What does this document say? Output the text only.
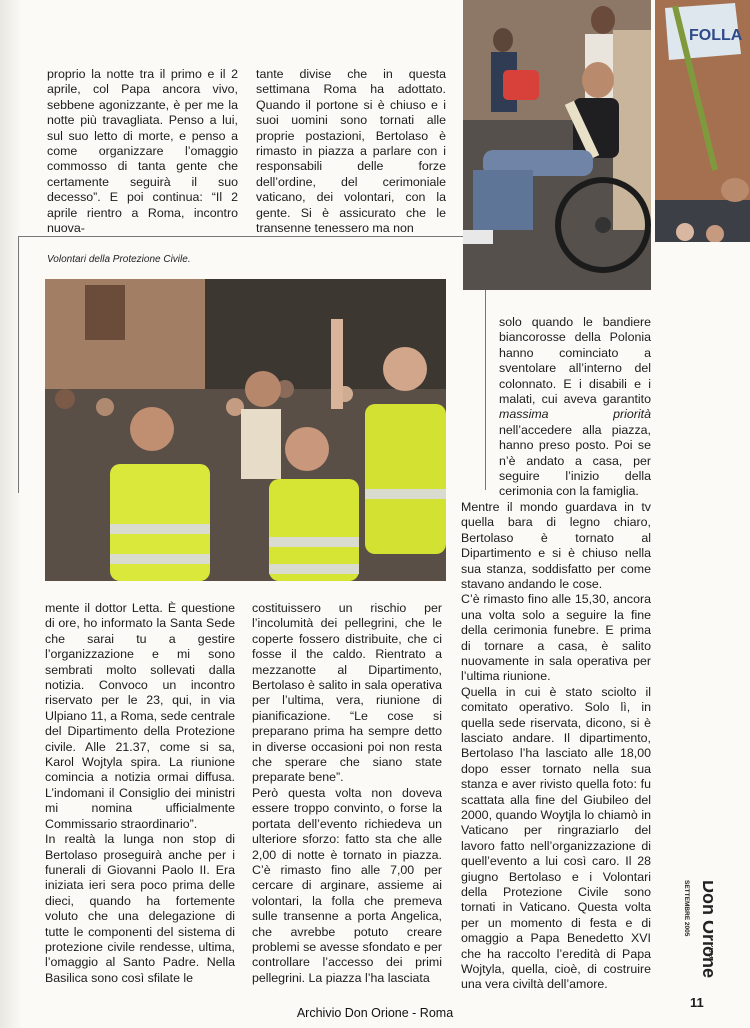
proprio la notte tra il primo e il 2 aprile, col Papa ancora vivo, sebbene agonizzante, è per me la notte più travagliata. Penso a lui, sul suo letto di morte, e penso a come organizzare l’omaggio commosso di tanta gente che certamente seguirà il suo decesso”. E poi continua: “Il 2 aprile rientro a Roma, incontro nuova-

tante divise che in questa settimana Roma ha adottato. Quando il portone si è chiuso e i suoi uomini sono tornati alle proprie postazioni, Bertolaso è rimasto in piazza a parlare con i responsabili delle forze dell’ordine, del cerimoniale vaticano, dei volontari, con la gente. Si è assicurato che le transenne tenessero ma non

FOLLA
Volontari della Protezione Civile.

solo quando le bandiere biancorosse della Polonia hanno cominciato a sventolare all’interno del colonnato. E i disabili e i malati, cui aveva garantito massima priorità nell’accedere alla piazza, hanno preso posto. Poi se n’è andato a casa, per seguire l’inizio della cerimonia con la famiglia.

Mentre il mondo guardava in tv quella bara di legno chiaro, Bertolaso è tornato al Dipartimento e si è chiuso nella sua stanza, soddisfatto per come stavano andando le cose.

C’è rimasto fino alle 15,30, ancora una volta solo a seguire la fine della cerimonia funebre. E prima di tornare a casa, è salito nuovamente in sala operativa per l’ultima riunione.

Quella in cui è stato sciolto il comitato operativo. Solo lì, in quella sede riservata, dicono, si è lasciato andare. Il dipartimento, Bertolaso l’ha lasciato alle 18,00 dopo esser tornato nella sua stanza e aver rivisto quella foto: fu scattata alla fine del Giubileo del 2000, quando Woytjla lo chiamò in Vaticano per ringraziarlo del lavoro fatto nell’organizzazione di quell’evento a lui così caro. Il 28 giugno Bertolaso e i Volontari della Protezione Civile sono tornati in Vaticano. Questa volta per un momento di festa e di omaggio a Papa Benedetto XVI che ha raccolto l’eredità di Papa Wojtyla, quella, cioè, di costruire una vera civiltà dell’amore.

mente il dottor Letta. È questione di ore, ho informato la Santa Sede che sarai tu a gestire l’organizzazione e mi sono sembrati molto sollevati dalla notizia. Convoco un incontro riservato per le 23, qui, in via Ulpiano 11, a Roma, sede centrale del Dipartimento della Protezione civile. Alle 21.37, come si sa, Karol Wojtyla spira. La riunione comincia a notizia ormai diffusa. L’indomani il Consiglio dei ministri mi nomina ufficialmente Commissario straordinario”.

In realtà la lunga non stop di Bertolaso proseguirà anche per i funerali di Giovanni Paolo II. Era iniziata ieri sera poco prima delle dieci, quando ha fortemente voluto che una delegazione di tutte le componenti del sistema di protezione civile rendesse, ultima, l’omaggio al Santo Padre. Nella Basilica sono così sfilate le

costituissero un rischio per l’incolumità dei pellegrini, che le coperte fossero distribuite, che ci fosse il the caldo. Rientrato a mezzanotte al Dipartimento, Bertolaso è salito in sala operativa per l’ultima, vera, riunione di pianificazione. “Le cose si preparano prima ha sempre detto in diverse occasioni poi non resta che sperare che siano state preparate bene”.

Però questa volta non doveva essere troppo convinto, o forse la portata dell’evento richiedeva un ulteriore sforzo: fatto sta che alle 2,00 di notte è tornato in piazza. C’è rimasto fino alle 7,00 per cercare di arginare, assieme ai volontari, la folla che premeva sulle transenne a porta Angelica, che avrebbe potuto creare problemi se avesse sfondato e per controllare l’accesso dei primi pellegrini. La piazza l’ha lasciata

Don Orione
oggi
SETTEMBRE 2005
11
Archivio Don Orione - Roma
